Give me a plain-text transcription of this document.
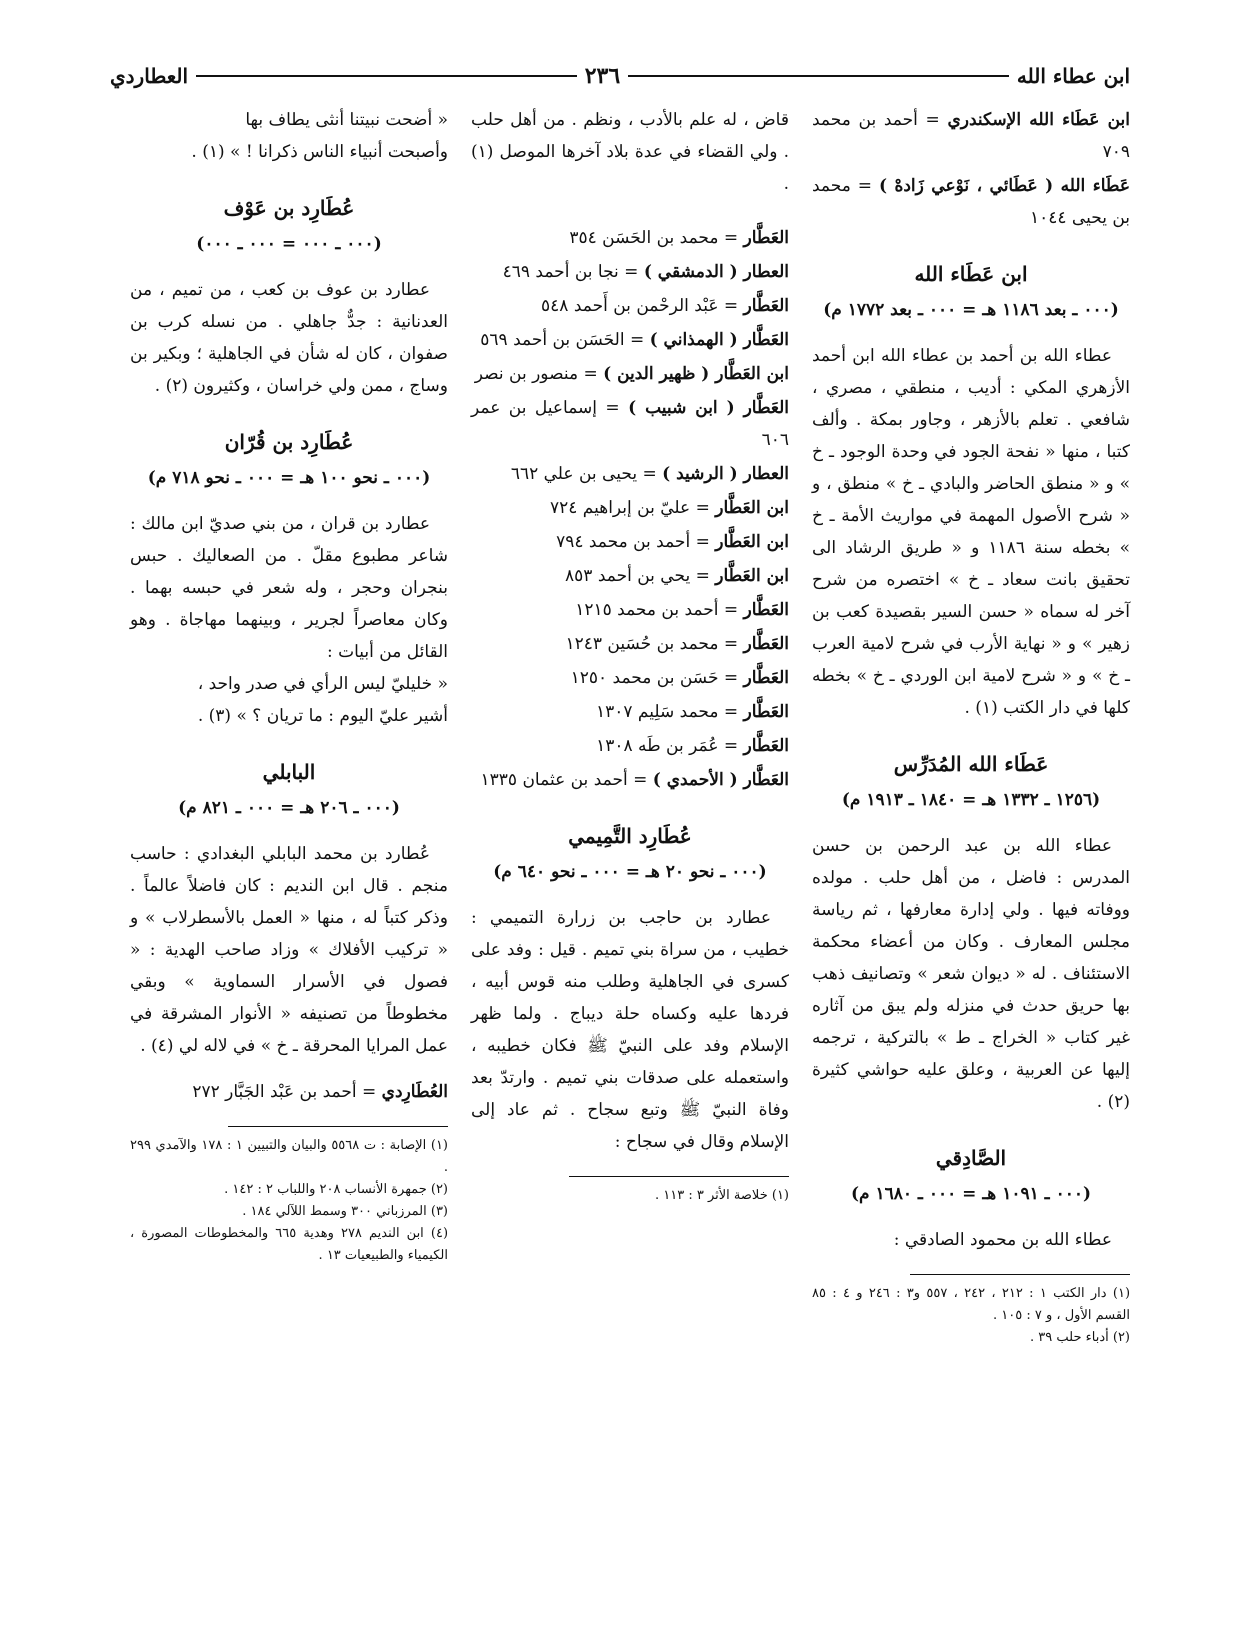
ابن عطاء الله
٢٣٦
العطاردي
ابن عَطَاء الله الإسكندري = أحمد بن محمد ٧٠٩
عَطَاء الله ( عَطَائي ، نَوْعي زَادهْ ) = محمد بن يحيى ١٠٤٤
ابن عَطَاء الله
(٠٠٠ ـ بعد ١١٨٦ هـ = ٠٠٠ ـ بعد ١٧٧٢ م)

عطاء الله بن أحمد بن عطاء الله ابن أحمد الأزهري المكي : أديب ، منطقي ، مصري ، شافعي . تعلم بالأزهر ، وجاور بمكة . وألف كتبا ، منها « نفحة الجود في وحدة الوجود ـ خ » و « منطق الحاضر والبادي ـ خ » منطق ، و « شرح الأصول المهمة في مواريث الأمة ـ خ » بخطه سنة ١١٨٦ و « طريق الرشاد الى تحقيق بانت سعاد ـ خ » اختصره من شرح آخر له سماه « حسن السير بقصيدة كعب بن زهير » و « نهاية الأرب في شرح لامية العرب ـ خ » و « شرح لامية ابن الوردي ـ خ » بخطه كلها في دار الكتب (١) .

عَطَاء الله المُدَرِّس
(١٢٥٦ ـ ١٣٣٢ هـ = ١٨٤٠ ـ ١٩١٣ م)

عطاء الله بن عبد الرحمن بن حسن المدرس : فاضل ، من أهل حلب . مولده ووفاته فيها . ولي إدارة معارفها ، ثم رياسة مجلس المعارف . وكان من أعضاء محكمة الاستئناف . له « ديوان شعر » وتصانيف ذهب بها حريق حدث في منزله ولم يبق من آثاره غير كتاب « الخراج ـ ط » بالتركية ، ترجمه إليها عن العربية ، وعلق عليه حواشي كثيرة (٢) .

الصَّادِقي
(٠٠٠ ـ ١٠٩١ هـ = ٠٠٠ ـ ١٦٨٠ م)

عطاء الله بن محمود الصادقي :

(١) دار الكتب ١ : ٢١٢ ، ٢٤٢ ، ٥٥٧ و٣ : ٢٤٦ و ٤ : ٨٥ القسم الأول ، و ٧ : ١٠٥ .

(٢) أدباء حلب ٣٩ .

قاض ، له علم بالأدب ، ونظم . من أهل حلب . ولي القضاء في عدة بلاد آخرها الموصل (١) .

العَطَّار = محمد بن الحَسَن ٣٥٤
العطار ( الدمشقي ) = نجا بن أحمد ٤٦٩
العَطَّار = عَبْد الرحْمن بن أَحمد ٥٤٨
العَطَّار ( الهمذاني ) = الحَسَن بن أحمد ٥٦٩
ابن العَطَّار ( ظهير الدين ) = منصور بن نصر
العَطَّار ( ابن شبيب ) = إسماعيل بن عمر ٦٠٦
العطار ( الرشيد ) = يحيى بن علي ٦٦٢
ابن العَطَّار = عليّ بن إبراهيم ٧٢٤
ابن العَطَّار = أحمد بن محمد ٧٩٤
ابن العَطَّار = يحي بن أحمد ٨٥٣
العَطَّار = أحمد بن محمد ١٢١٥
العَطَّار = محمد بن حُسَين ١٢٤٣
العَطَّار = حَسَن بن محمد ١٢٥٠
العَطَّار = محمد سَلِيم ١٣٠٧
العَطَّار = عُمَر بن طَه ١٣٠٨
العَطَّار ( الأحمدي ) = أحمد بن عثمان ١٣٣٥
عُطَارِد التَّمِيمي
(٠٠٠ ـ نحو ٢٠ هـ = ٠٠٠ ـ نحو ٦٤٠ م)

عطارد بن حاجب بن زرارة التميمي : خطيب ، من سراة بني تميم . قيل : وفد على كسرى في الجاهلية وطلب منه قوس أبيه ، فردها عليه وكساه حلة ديباج . ولما ظهر الإسلام وفد على النبيّ ﷺ فكان خطيبه ، واستعمله على صدقات بني تميم . وارتدّ بعد وفاة النبيّ ﷺ وتبع سجاح . ثم عاد إلى الإسلام وقال في سجاح :

(١) خلاصة الأثر ٣ : ١١٣ .

« أضحت نبيتنا أنثى يطاف بها
وأصبحت أنبياء الناس ذكرانا ! » (١) .
عُطَارِد بن عَوْف
(٠٠٠ ـ ٠٠٠ = ٠٠٠ ـ ٠٠٠)

عطارد بن عوف بن كعب ، من تميم ، من العدنانية : جدٌّ جاهلي . من نسله كرب بن صفوان ، كان له شأن في الجاهلية ؛ وبكير بن وساج ، ممن ولي خراسان ، وكثيرون (٢) .

عُطَارِد بن قُرّان
(٠٠٠ ـ نحو ١٠٠ هـ = ٠٠٠ ـ نحو ٧١٨ م)

عطارد بن قران ، من بني صديّ ابن مالك : شاعر مطبوع مقلّ . من الصعاليك . حبس بنجران وحجر ، وله شعر في حبسه بهما . وكان معاصراً لجرير ، وبينهما مهاجاة . وهو القائل من أبيات :

« خليليّ ليس الرأي في صدر واحد ،
أشير عليّ اليوم : ما تريان ؟ » (٣) .
البابلي
(٠٠٠ ـ ٢٠٦ هـ = ٠٠٠ ـ ٨٢١ م)

عُطارد بن محمد البابلي البغدادي : حاسب منجم . قال ابن النديم : كان فاضلاً عالماً . وذكر كتباً له ، منها « العمل بالأسطرلاب » و « تركيب الأفلاك » وزاد صاحب الهدية : « فصول في الأسرار السماوية » وبقي مخطوطاً من تصنيفه « الأنوار المشرقة في عمل المرايا المحرقة ـ خ » في لاله لي (٤) .

العُطَارِدي = أحمد بن عَبْد الجَبَّار ٢٧٢

(١) الإصابة : ت ٥٥٦٨ والبيان والتبيين ١ : ١٧٨ والآمدي ٢٩٩ .

(٢) جمهرة الأنساب ٢٠٨ واللباب ٢ : ١٤٢ .

(٣) المرزباني ٣٠٠ وسمط اللآلي ١٨٤ .

(٤) ابن النديم ٢٧٨ وهدية ٦٦٥ والمخطوطات المصورة ، الكيمياء والطبيعيات ١٣ .
